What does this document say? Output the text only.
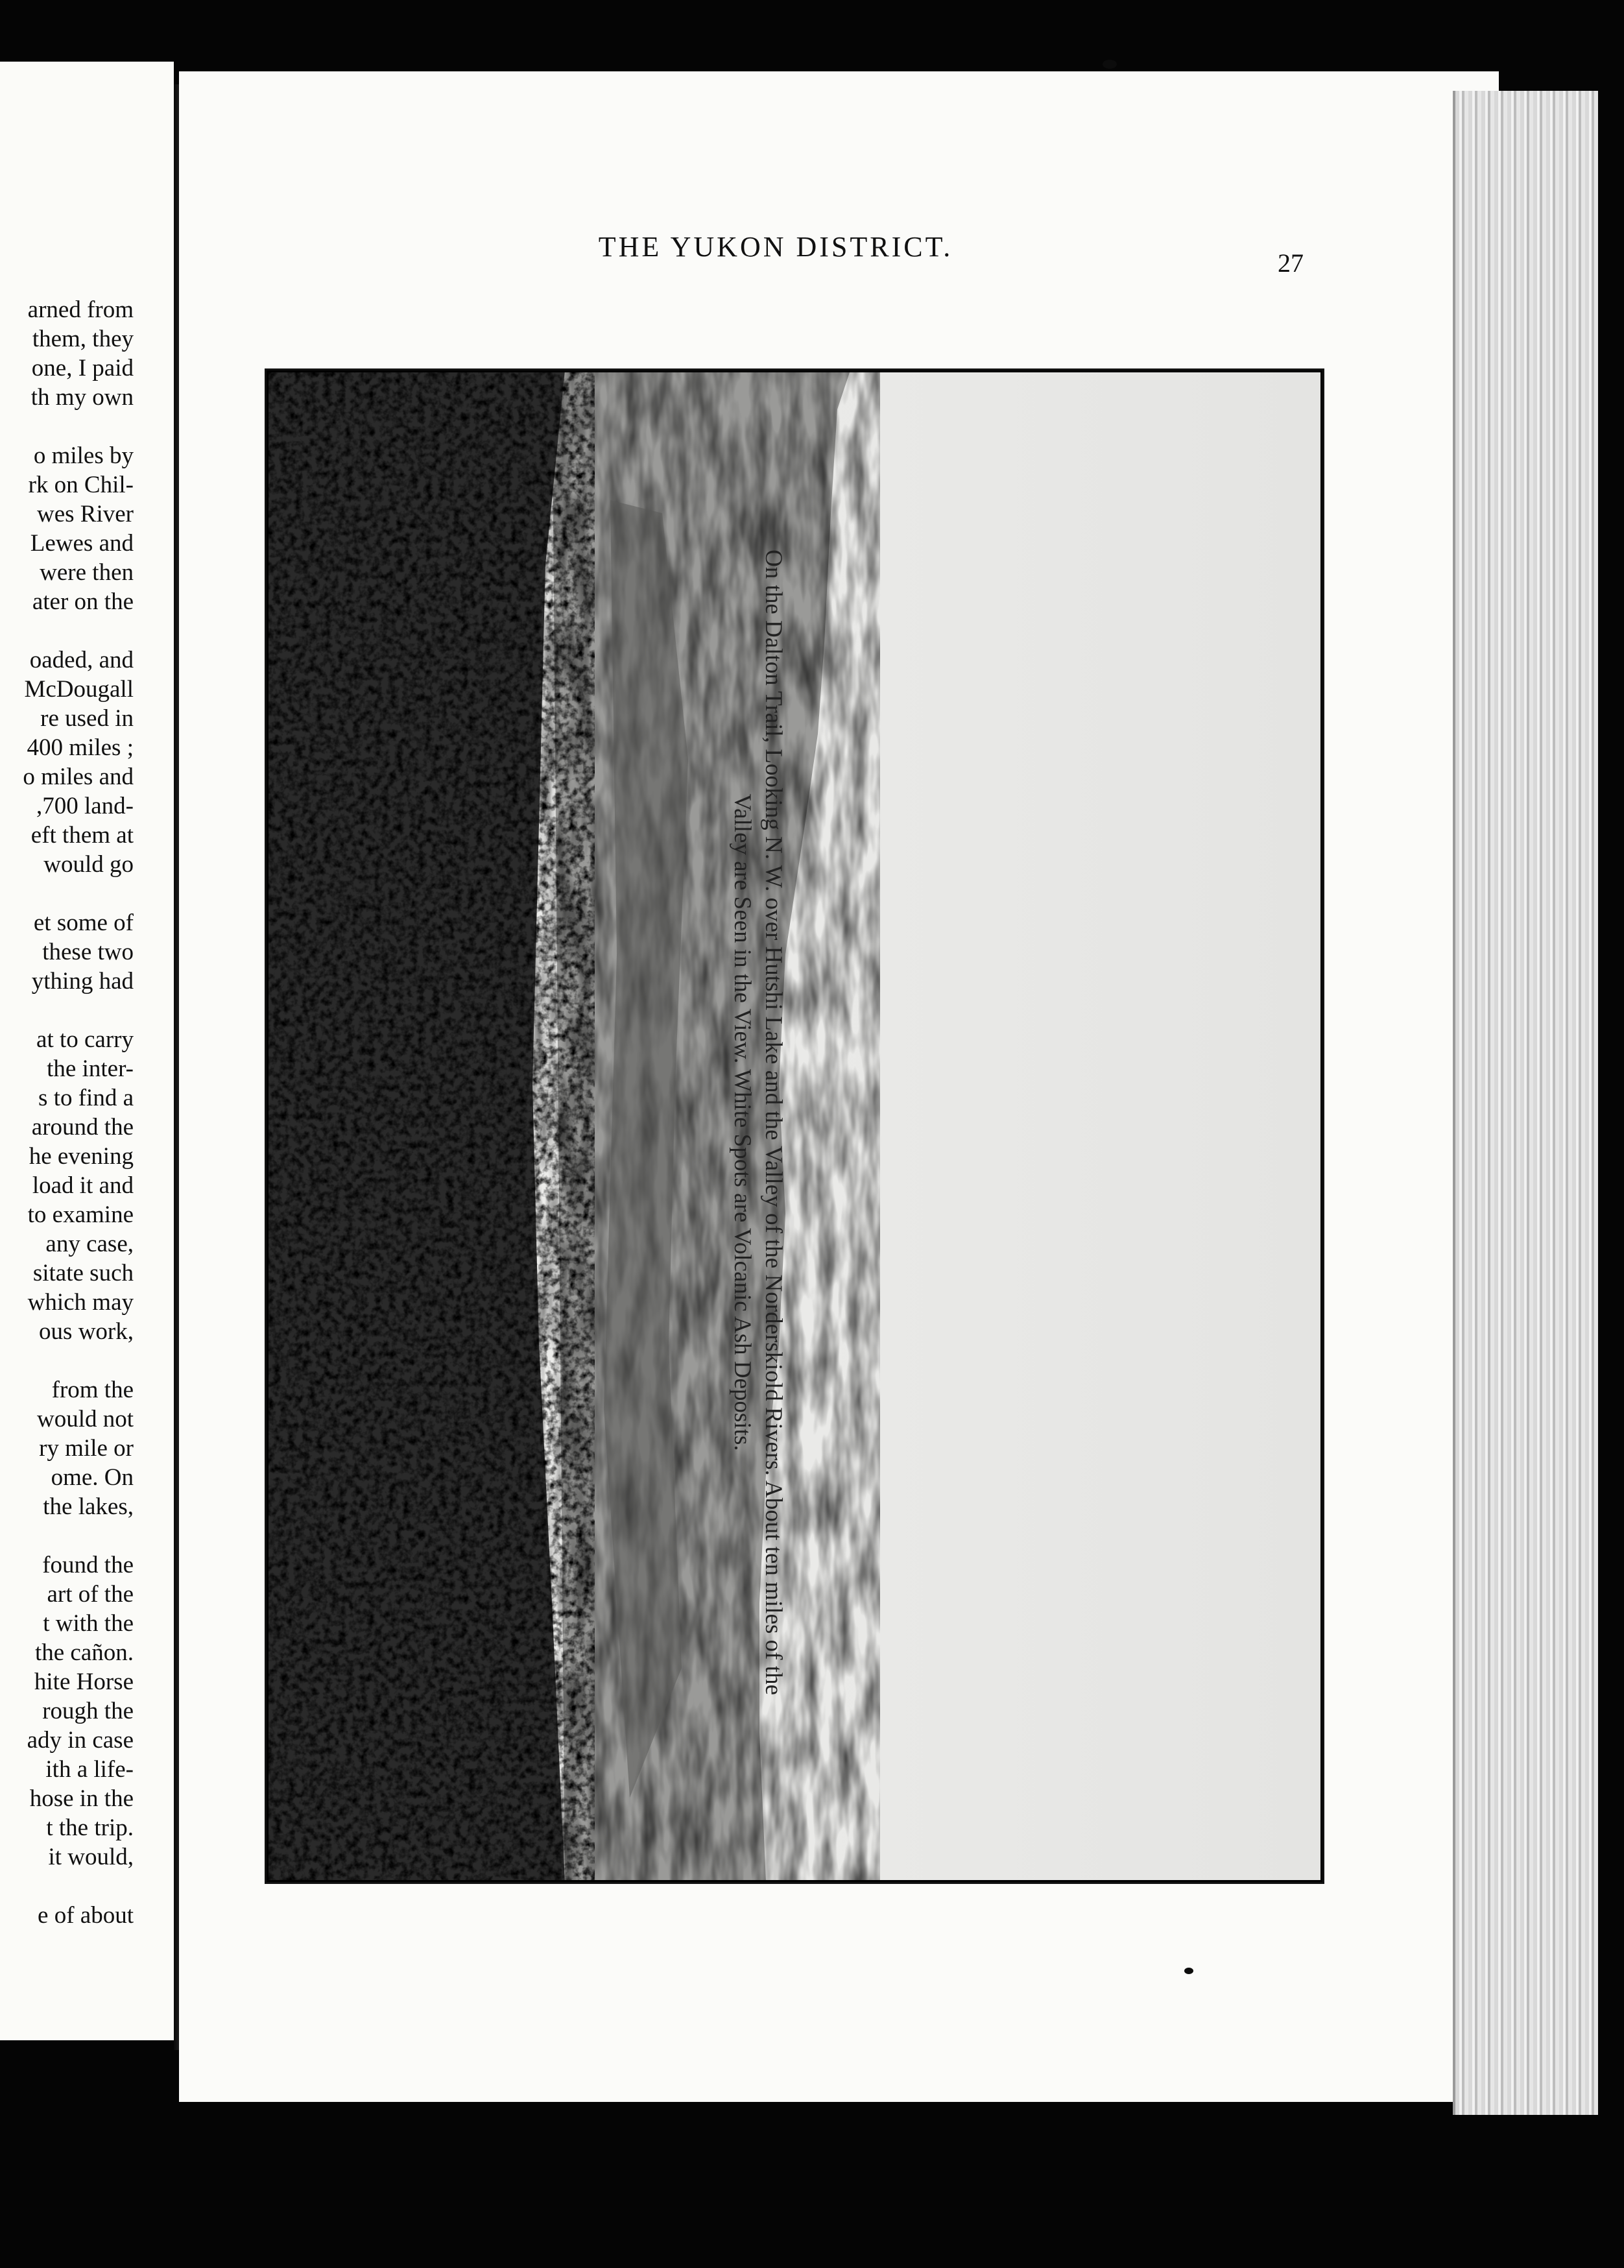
arned from
them, they
one, I paid
th my own
o miles by
rk on Chil-
wes River
Lewes and
were then
ater on the
oaded, and
McDougall
re used in
400 miles ;
o miles and
,700 land-
eft them at
would go
et some of
these two
ything had
at to carry
the inter-
s to find a
around the
he evening
load it and
to examine
any case,
sitate such
which may
ous work,
from the
would not
ry mile or
ome. On
the lakes,
found the
art of the
t with the
the cañon.
hite Horse
rough the
ady in case
ith a life-
hose in the
t the trip.
it would,
e of about
THE YUKON DISTRICT.
27
On the Dalton Trail, Looking N. W. over Hutshi Lake and the Valley of the Norderskiold Rivers. About ten miles of the
Valley are Seen in the View. White Spots are Volcanic Ash Deposits.
